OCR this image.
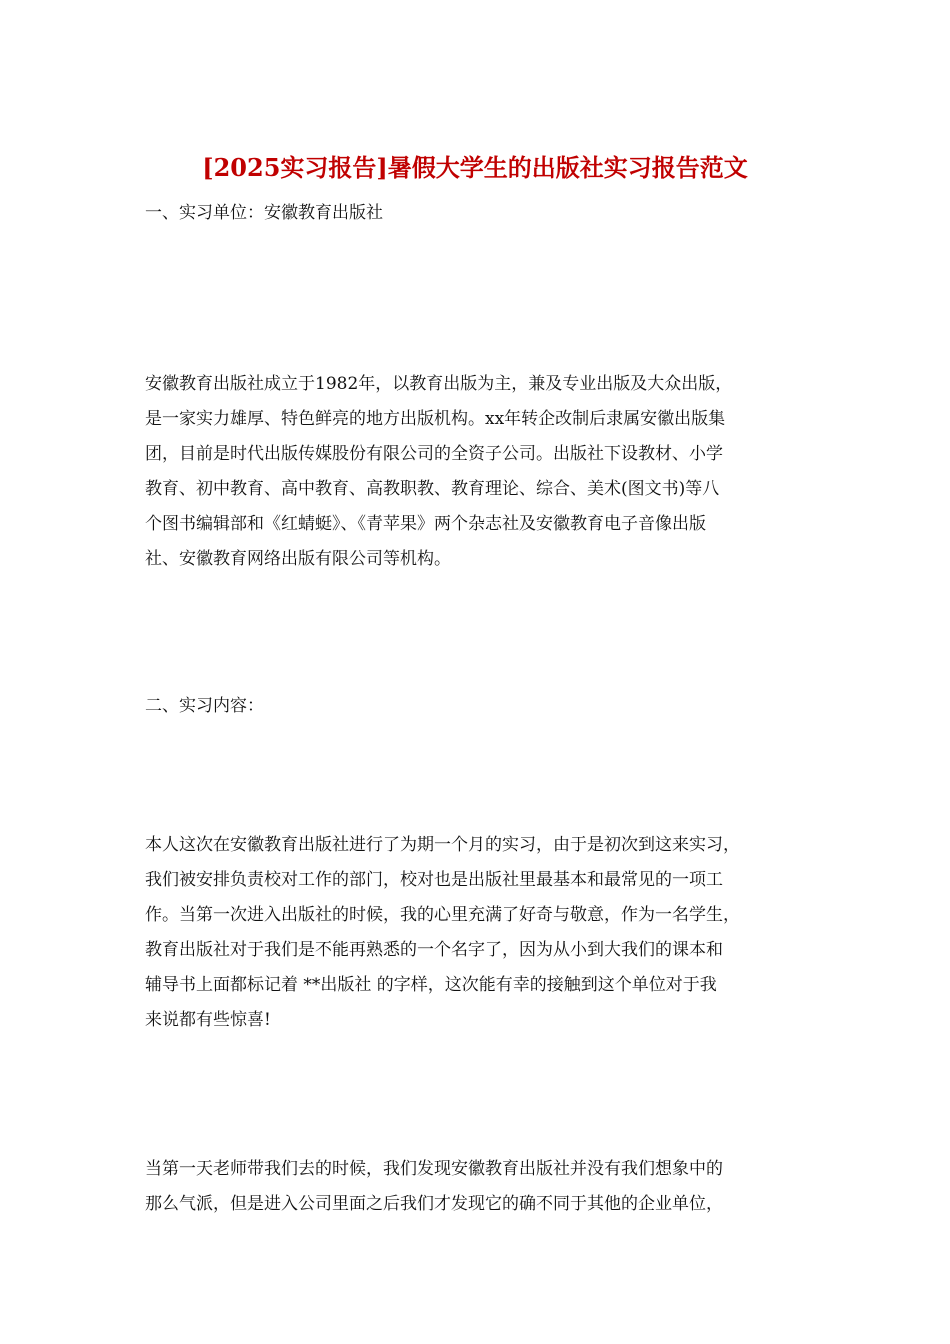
[2025实习报告]暑假大学生的出版社实习报告范文
一、实习单位：安徽教育出版社
安徽教育出版社成立于1982年，以教育出版为主，兼及专业出版及大众出版，
是一家实力雄厚、特色鲜亮的地方出版机构。xx年转企改制后隶属安徽出版集
团，目前是时代出版传媒股份有限公司的全资子公司。出版社下设教材、小学
教育、初中教育、高中教育、高教职教、教育理论、综合、美术(图文书)等八
个图书编辑部和《红蜻蜓》、《青苹果》两个杂志社及安徽教育电子音像出版
社、安徽教育网络出版有限公司等机构。
二、实习内容：
本人这次在安徽教育出版社进行了为期一个月的实习，由于是初次到这来实习，
我们被安排负责校对工作的部门，校对也是出版社里最基本和最常见的一项工
作。当第一次进入出版社的时候，我的心里充满了好奇与敬意，作为一名学生，
教育出版社对于我们是不能再熟悉的一个名字了，因为从小到大我们的课本和
辅导书上面都标记着 **出版社 的字样，这次能有幸的接触到这个单位对于我
来说都有些惊喜!
当第一天老师带我们去的时候，我们发现安徽教育出版社并没有我们想象中的
那么气派，但是进入公司里面之后我们才发现它的确不同于其他的企业单位，
